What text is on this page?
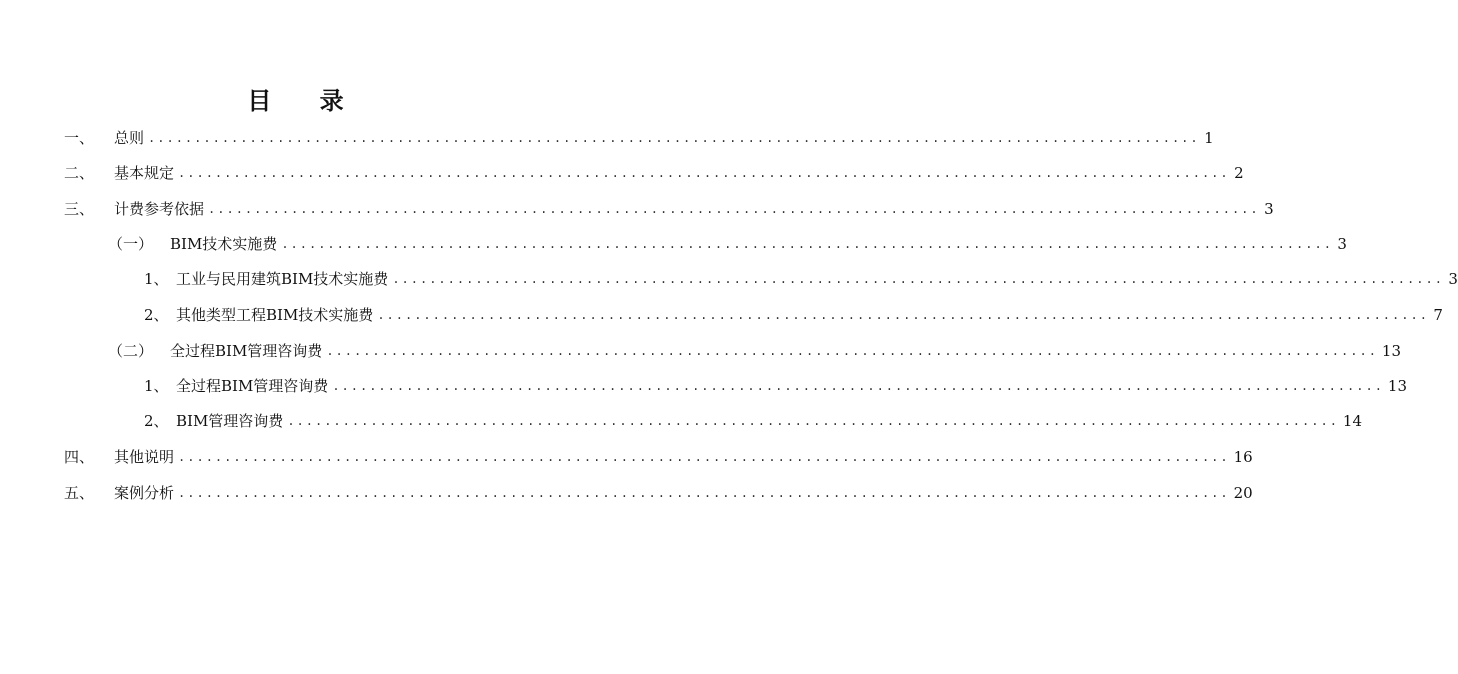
目 录
一、	总则 .................................................................................................................. 1
二、	基本规定 .................................................................................................................. 2
三、	计费参考依据 .................................................................................................................. 3
（一）	BIM技术实施费 .................................................................................................................. 3
1、 工业与民用建筑BIM技术实施费 .................................................................................................................. 3
2、 其他类型工程BIM技术实施费 .................................................................................................................. 7
（二）	全过程BIM管理咨询费 .................................................................................................................. 13
1、 全过程BIM管理咨询费 .................................................................................................................. 13
2、 BIM管理咨询费 .................................................................................................................. 14
四、	其他说明 .................................................................................................................. 16
五、	案例分析 .................................................................................................................. 20
